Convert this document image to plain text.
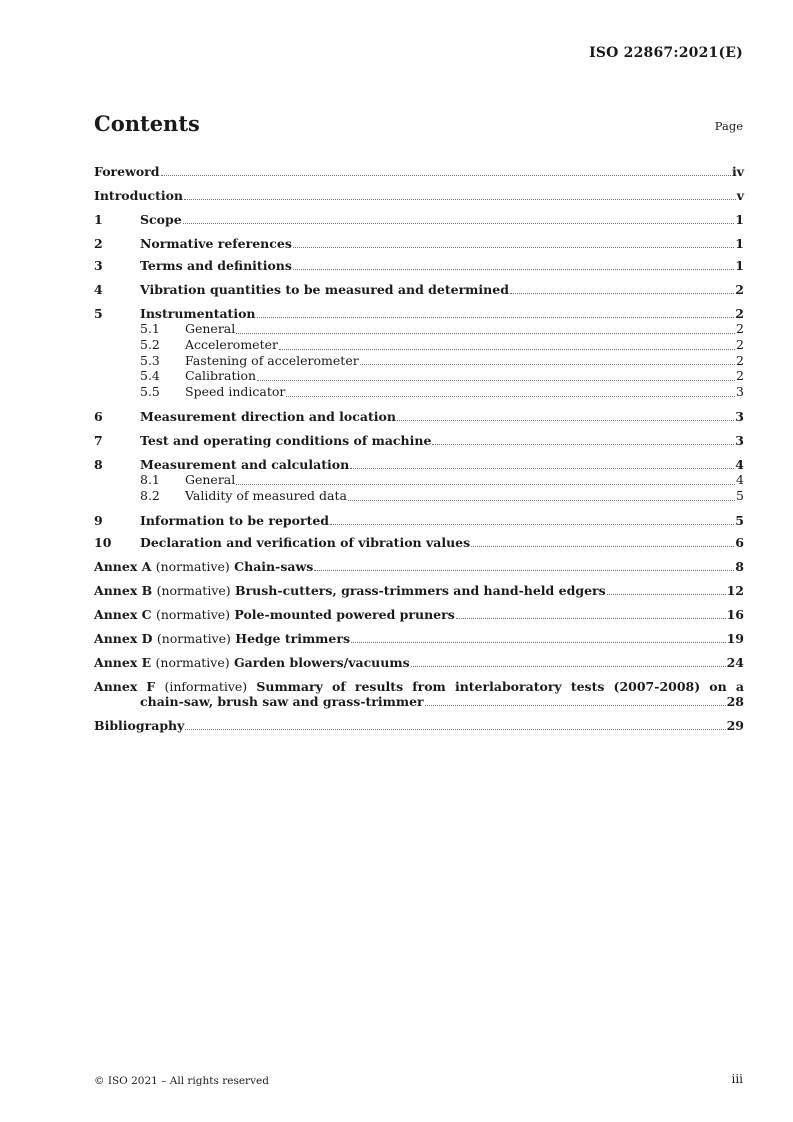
ISO 22867:2021(E)
Contents	Page
Foreword	iv
Introduction	v
1	Scope	1
2	Normative references	1
3	Terms and definitions	1
4	Vibration quantities to be measured and determined	2
5	Instrumentation	2
5.1	General	2
5.2	Accelerometer	2
5.3	Fastening of accelerometer	2
5.4	Calibration	2
5.5	Speed indicator	3
6	Measurement direction and location	3
7	Test and operating conditions of machine	3
8	Measurement and calculation	4
8.1	General	4
8.2	Validity of measured data	5
9	Information to be reported	5
10	Declaration and verification of vibration values	6
Annex A (normative) Chain-saws	8
Annex B (normative) Brush-cutters, grass-trimmers and hand-held edgers	12
Annex C (normative) Pole-mounted powered pruners	16
Annex D (normative) Hedge trimmers	19
Annex E (normative) Garden blowers/vacuums	24
Annex F (informative) Summary of results from interlaboratory tests (2007-2008) on a
chain-saw, brush saw and grass-trimmer	28
Bibliography	29
© ISO 2021 – All rights reserved	iii
